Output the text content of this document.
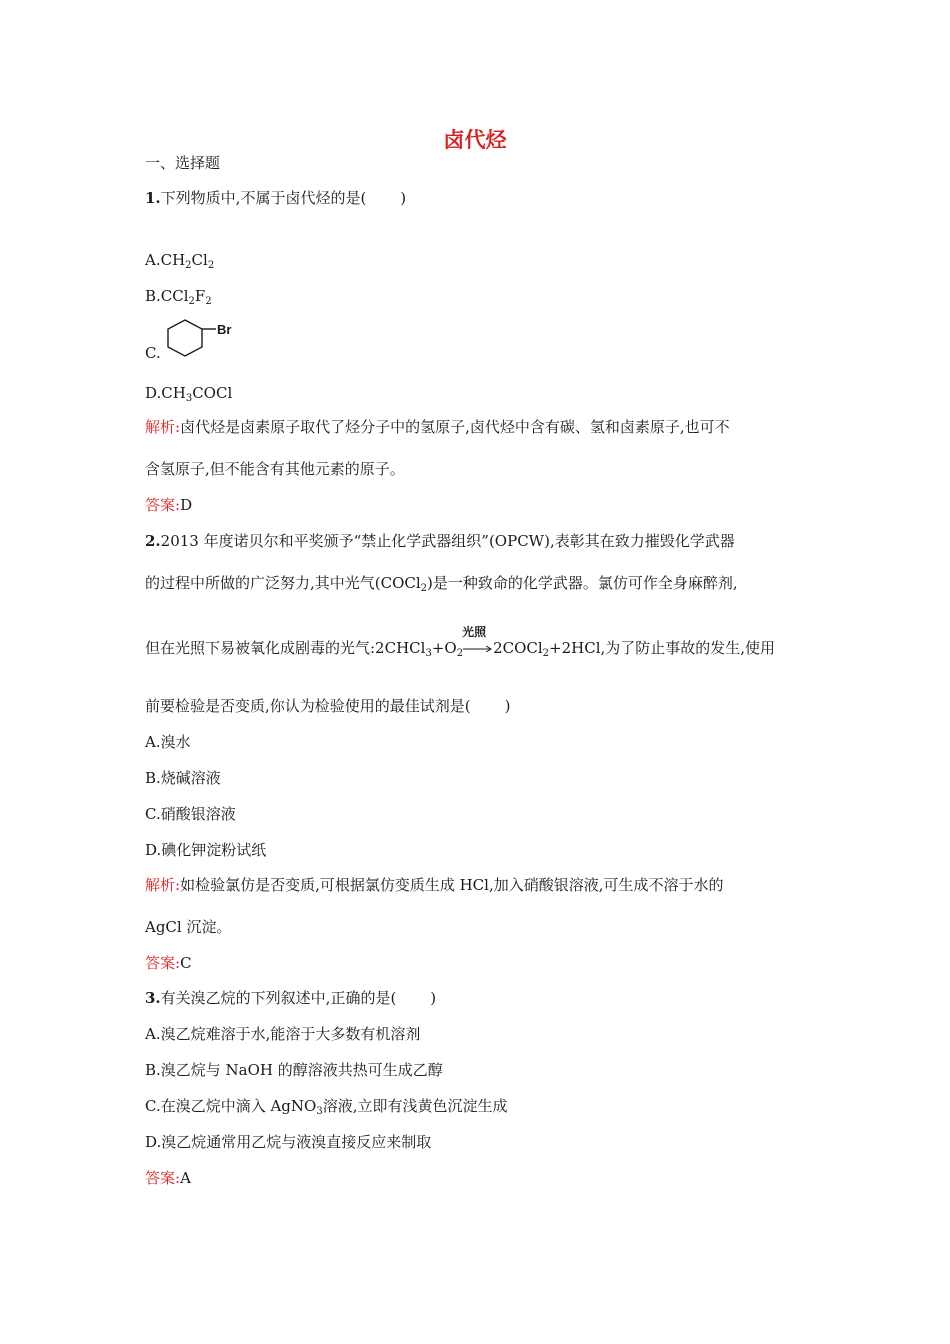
卤代烃
一、选择题
1.下列物质中,不属于卤代烃的是( )
$A.CH_2Cl_2$
$B.CCl_2F_2$
C.
Br
$D.CH_3COCl$
解析:卤代烃是卤素原子取代了烃分子中的氢原子,卤代烃中含有碳、氢和卤素原子,也可不
含氢原子,但不能含有其他元素的原子。
答案:D
2.2013 年度诺贝尔和平奖颁予“禁止化学武器组织”(OPCW),表彰其在致力摧毁化学武器
的过程中所做的广泛努力,其中光气(COCl$_2$)是一种致命的化学武器。氯仿可作全身麻醉剂,
但在光照下易被氧化成剧毒的光气$:2CHCl_3+O_2$
光照
2COCl$_2$+2HCl,为了防止事故的发生,使用
前要检验是否变质,你认为检验使用的最佳试剂是( )
A.溴水
B.烧碱溶液
C.硝酸银溶液
D.碘化钾淀粉试纸
解析:如检验氯仿是否变质,可根据氯仿变质生成 HCl,加入硝酸银溶液,可生成不溶于水的
AgCl 沉淀。
答案:C
3.有关溴乙烷的下列叙述中,正确的是( )
A.溴乙烷难溶于水,能溶于大多数有机溶剂
B.溴乙烷与 NaOH 的醇溶液共热可生成乙醇
C.在溴乙烷中滴入 AgNO$_3$溶液,立即有浅黄色沉淀生成
D.溴乙烷通常用乙烷与液溴直接反应来制取
答案:A
